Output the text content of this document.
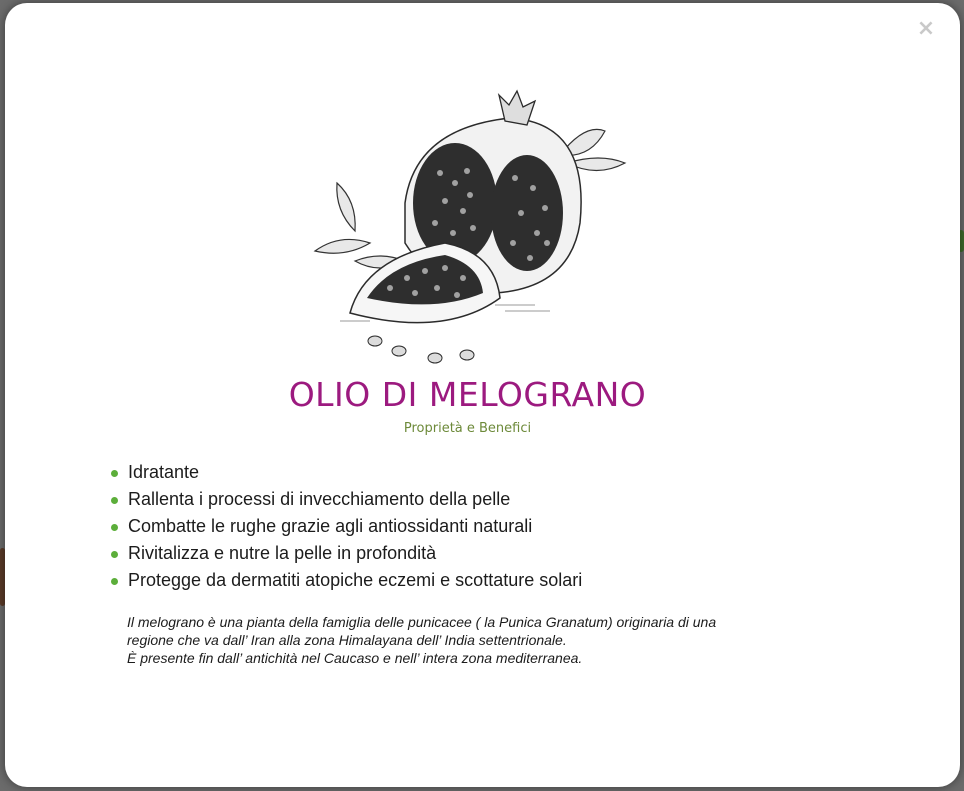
×
OLIO DI MELOGRANO
Proprietà e Benefici
Idratante
Rallenta i processi di invecchiamento della pelle
Combatte le rughe grazie agli antiossidanti naturali
Rivitalizza e nutre la pelle in profondità
Protegge da dermatiti atopiche eczemi e scottature solari

Il melograno è una pianta della famiglia delle punicacee ( la Punica Granatum) originaria di una

regione che va dall’ Iran alla zona Himalayana dell’ India settentrionale.

È presente fin dall’ antichità nel Caucaso e nell’ intera zona mediterranea.
